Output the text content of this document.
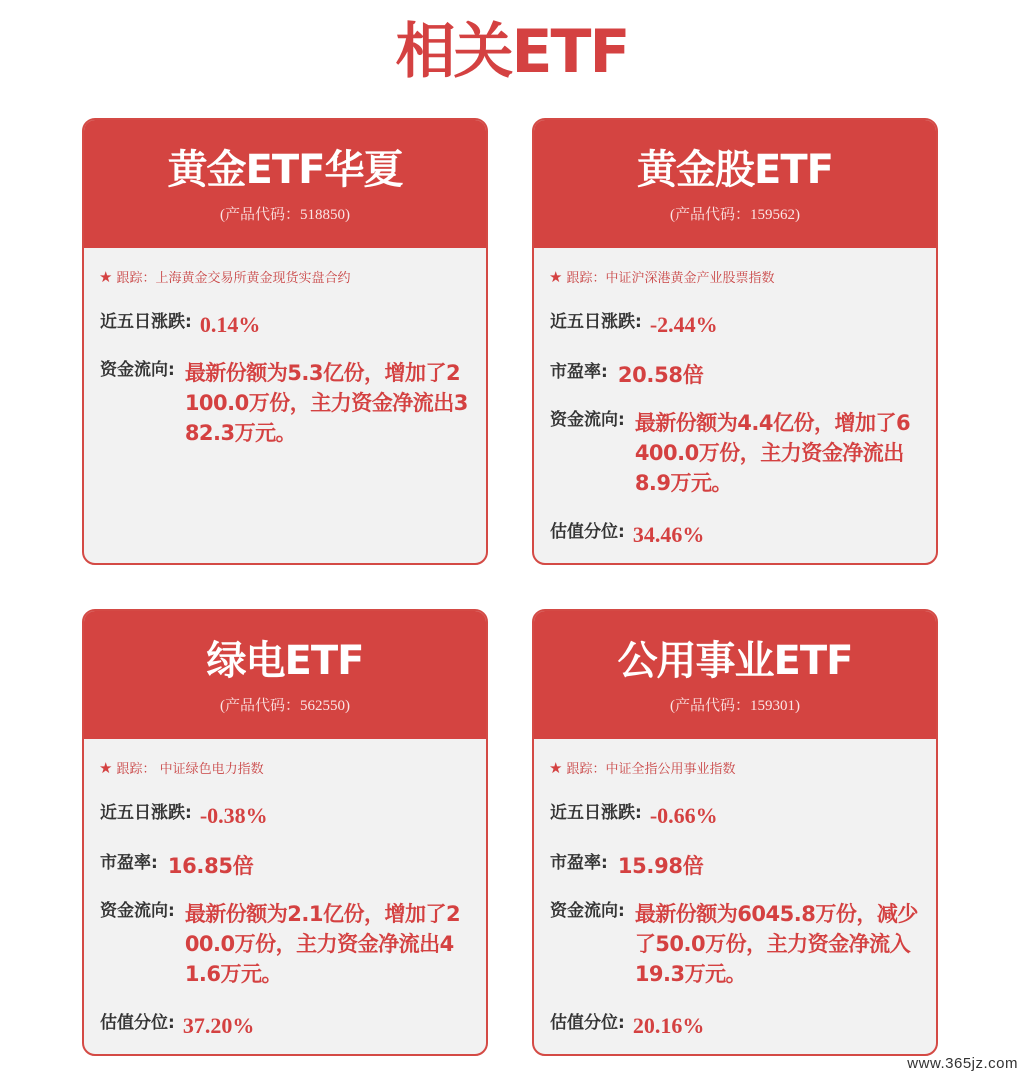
相关ETF
黄金ETF华夏
(产品代码：518850)
★ 跟踪：上海黄金交易所黄金现货实盘合约
近五日涨跌: 0.14%
资金流向: 最新份额为5.3亿份，增加了2100.0万份，主力资金净流出382.3万元。
黄金股ETF
(产品代码：159562)
★ 跟踪：中证沪深港黄金产业股票指数
近五日涨跌: -2.44%
市盈率: 20.58倍
资金流向: 最新份额为4.4亿份，增加了6400.0万份，主力资金净流出8.9万元。
估值分位: 34.46%
绿电ETF
(产品代码：562550)
★ 跟踪： 中证绿色电力指数
近五日涨跌: -0.38%
市盈率: 16.85倍
资金流向: 最新份额为2.1亿份，增加了200.0万份，主力资金净流出41.6万元。
估值分位: 37.20%
公用事业ETF
(产品代码：159301)
★ 跟踪：中证全指公用事业指数
近五日涨跌: -0.66%
市盈率: 15.98倍
资金流向: 最新份额为6045.8万份，减少了50.0万份，主力资金净流入19.3万元。
估值分位: 20.16%
www.365jz.com
